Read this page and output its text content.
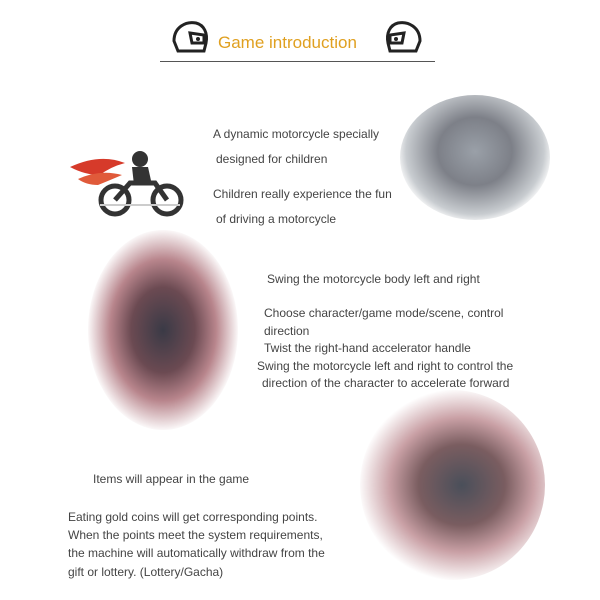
Game introduction
A dynamic motorcycle specially
designed for children
Children really experience the fun
of driving a motorcycle
Swing the motorcycle body left and right
Choose character/game mode/scene, control
direction
Twist the right-hand accelerator handle
Swing the motorcycle left and right to control the
direction of the character to accelerate forward
Items will appear in the game
Eating gold coins will get corresponding points.
When the points meet the system requirements,
the machine will automatically withdraw from the
gift or lottery. (Lottery/Gacha)
